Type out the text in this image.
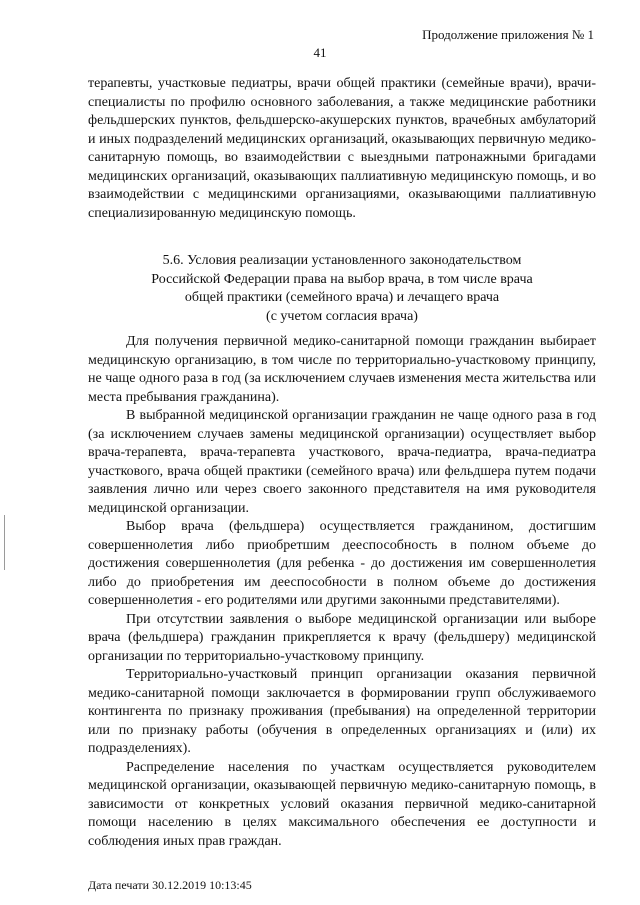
Продолжение приложения № 1
41

терапевты, участковые педиатры, врачи общей практики (семейные врачи), врачи-специалисты по профилю основного заболевания, а также медицинские работники фельдшерских пунктов, фельдшерско-акушерских пунктов, врачебных амбулаторий и иных подразделений медицинских организаций, оказывающих первичную медико-санитарную помощь, во взаимодействии с выездными патронажными бригадами медицинских организаций, оказывающих паллиативную медицинскую помощь, и во взаимодействии с медицинскими организациями, оказывающими паллиативную специализированную медицинскую помощь.

5.6. Условия реализации установленного законодательством
Российской Федерации права на выбор врача, в том числе врача
общей практики (семейного врача) и лечащего врача
(с учетом согласия врача)

Для получения первичной медико-санитарной помощи гражданин выбирает медицинскую организацию, в том числе по территориально-участковому принципу, не чаще одного раза в год (за исключением случаев изменения места жительства или места пребывания гражданина).

В выбранной медицинской организации гражданин не чаще одного раза в год (за исключением случаев замены медицинской организации) осуществляет выбор врача-терапевта, врача-терапевта участкового, врача-педиатра, врача-педиатра участкового, врача общей практики (семейного врача) или фельдшера путем подачи заявления лично или через своего законного представителя на имя руководителя медицинской организации.

Выбор врача (фельдшера) осуществляется гражданином, достигшим совершеннолетия либо приобретшим дееспособность в полном объеме до достижения совершеннолетия (для ребенка - до достижения им совершеннолетия либо до приобретения им дееспособности в полном объеме до достижения совершеннолетия - его родителями или другими законными представителями).

При отсутствии заявления о выборе медицинской организации или выборе врача (фельдшера) гражданин прикрепляется к врачу (фельдшеру) медицинской организации по территориально-участковому принципу.

Территориально-участковый принцип организации оказания первичной медико-санитарной помощи заключается в формировании групп обслуживаемого контингента по признаку проживания (пребывания) на определенной территории или по признаку работы (обучения в определенных организациях и (или) их подразделениях).

Распределение населения по участкам осуществляется руководителем медицинской организации, оказывающей первичную медико-санитарную помощь, в зависимости от конкретных условий оказания первичной медико-санитарной помощи населению в целях максимального обеспечения ее доступности и соблюдения иных прав граждан.

Дата печати 30.12.2019 10:13:45
